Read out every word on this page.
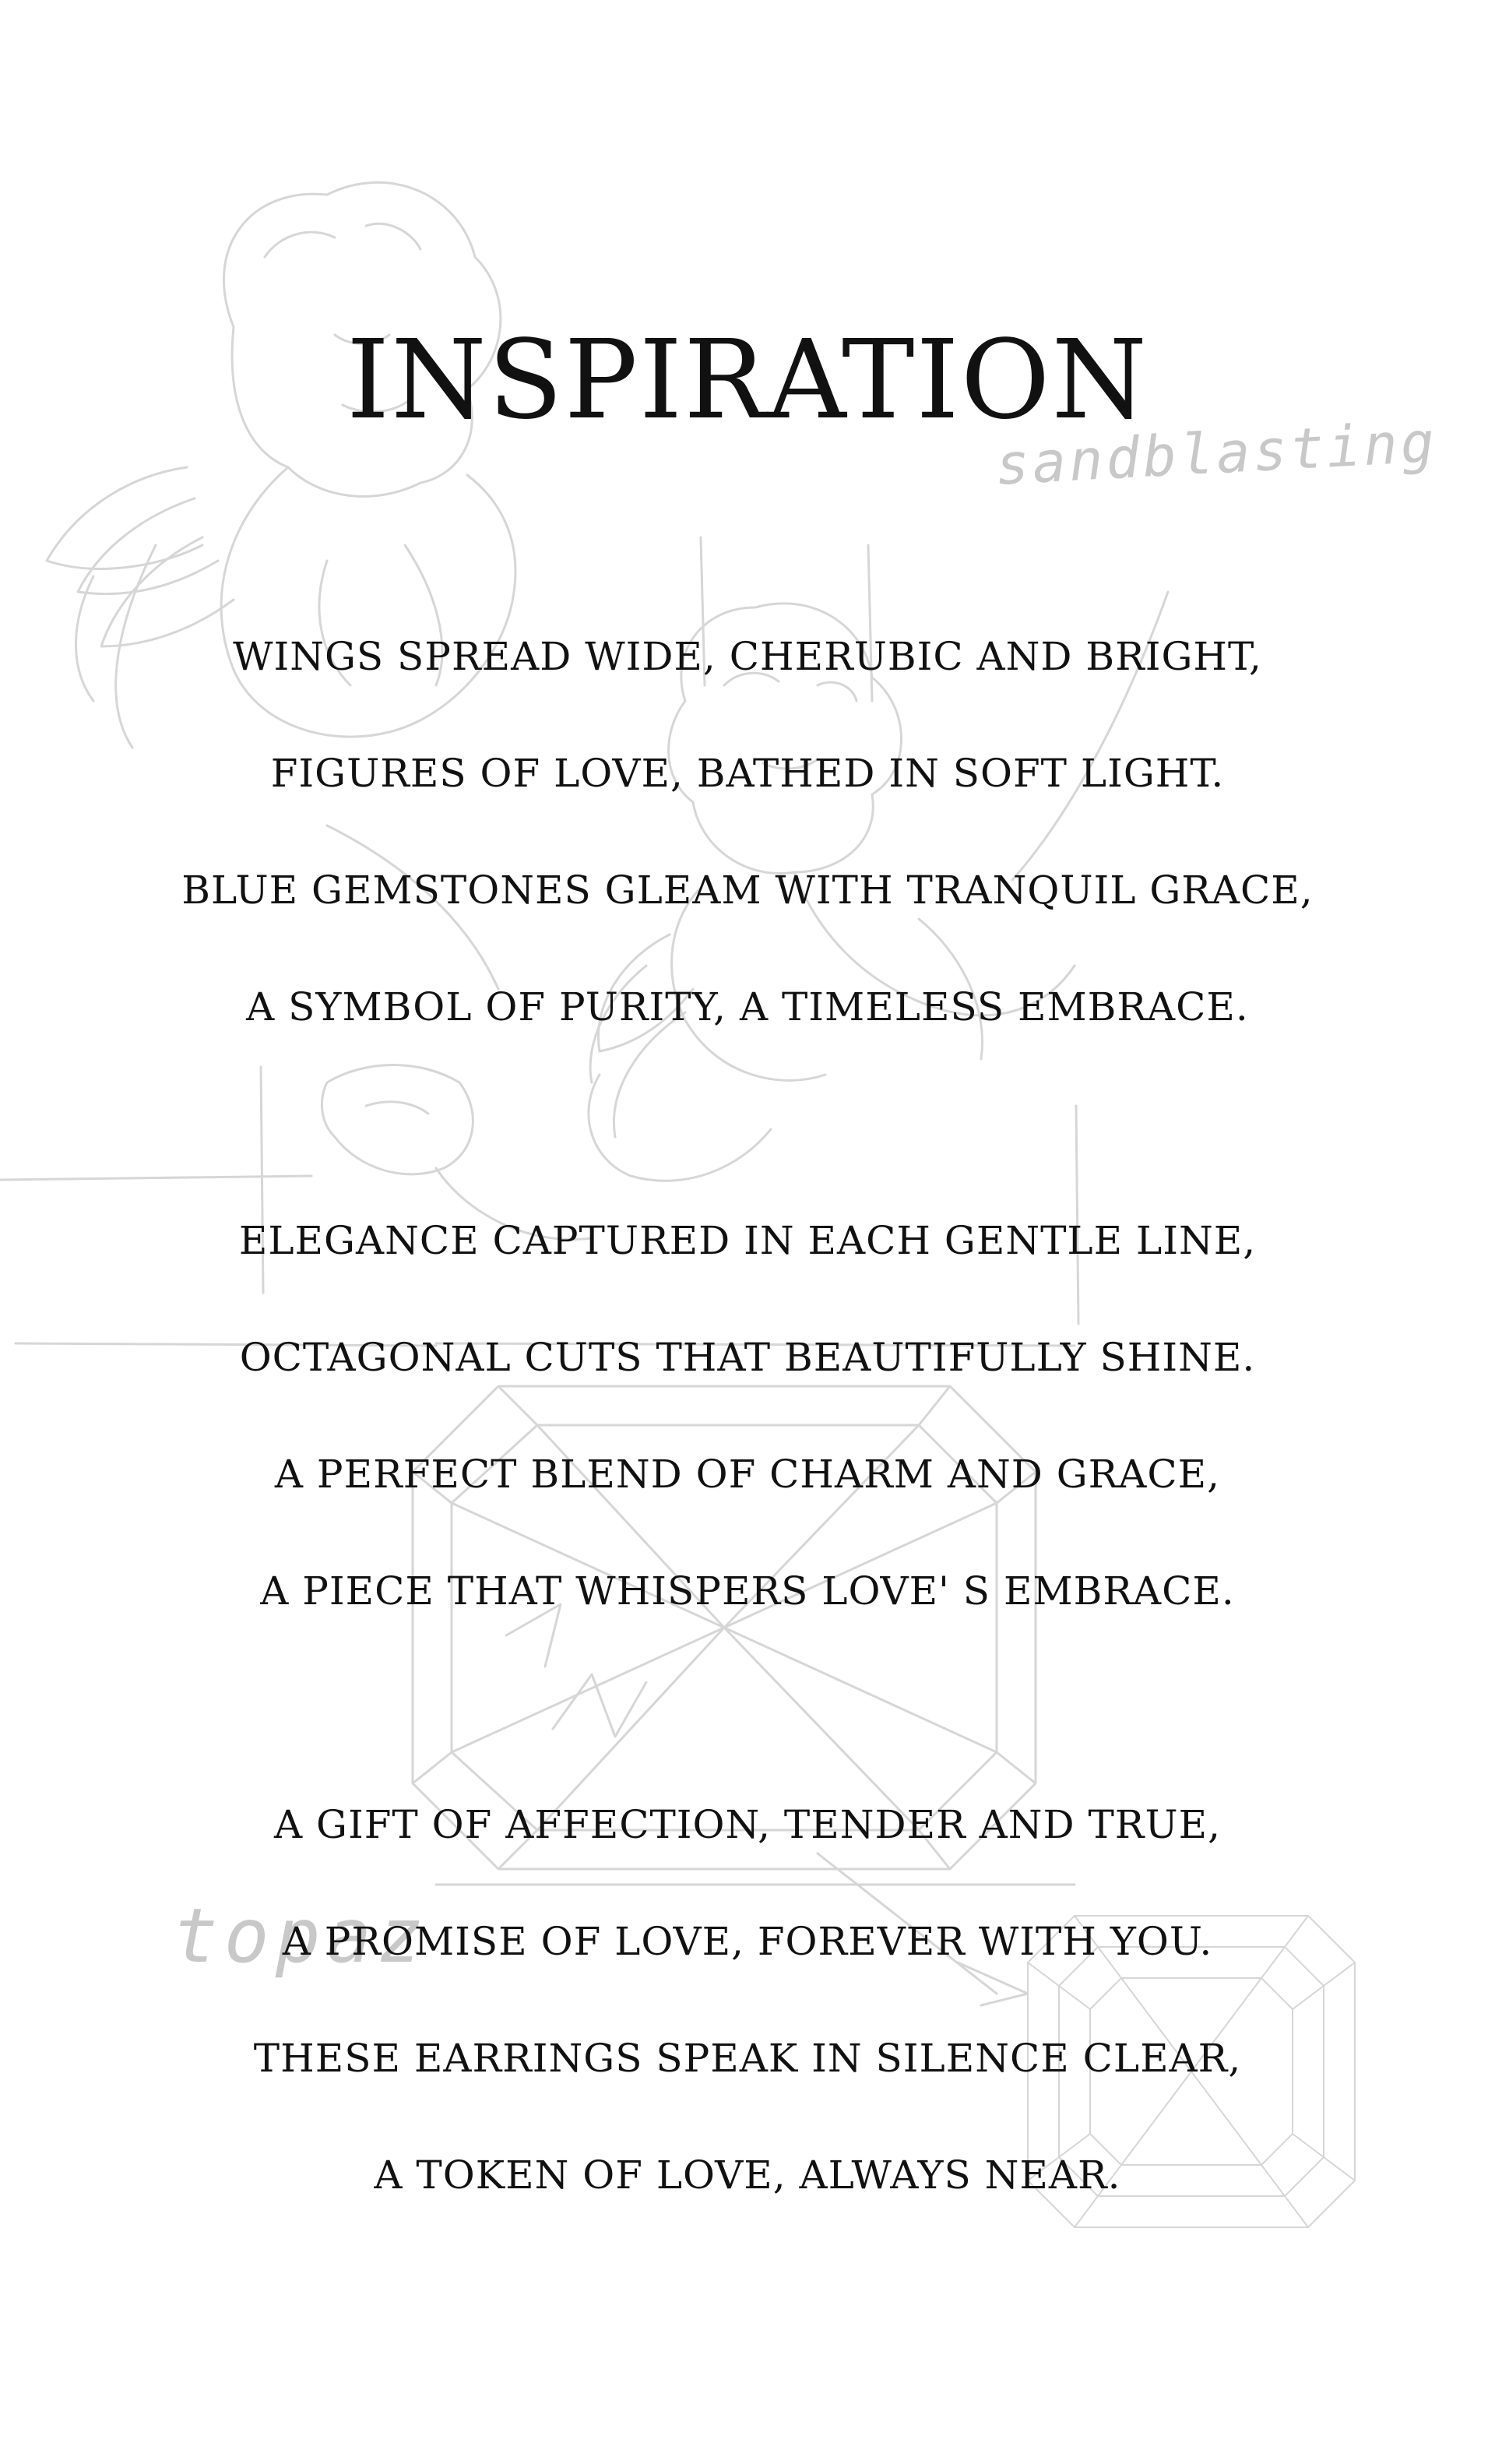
sandblasting
topaz
INSPIRATION
WINGS SPREAD WIDE, CHERUBIC AND BRIGHT,
FIGURES OF LOVE, BATHED IN SOFT LIGHT.
BLUE GEMSTONES GLEAM WITH TRANQUIL GRACE,
A SYMBOL OF PURITY, A TIMELESS EMBRACE.
ELEGANCE CAPTURED IN EACH GENTLE LINE,
OCTAGONAL CUTS THAT BEAUTIFULLY SHINE.
A PERFECT BLEND OF CHARM AND GRACE,
A PIECE THAT WHISPERS LOVE' S EMBRACE.
A GIFT OF AFFECTION, TENDER AND TRUE,
A PROMISE OF LOVE, FOREVER WITH YOU.
THESE EARRINGS SPEAK IN SILENCE CLEAR,
A TOKEN OF LOVE, ALWAYS NEAR.
